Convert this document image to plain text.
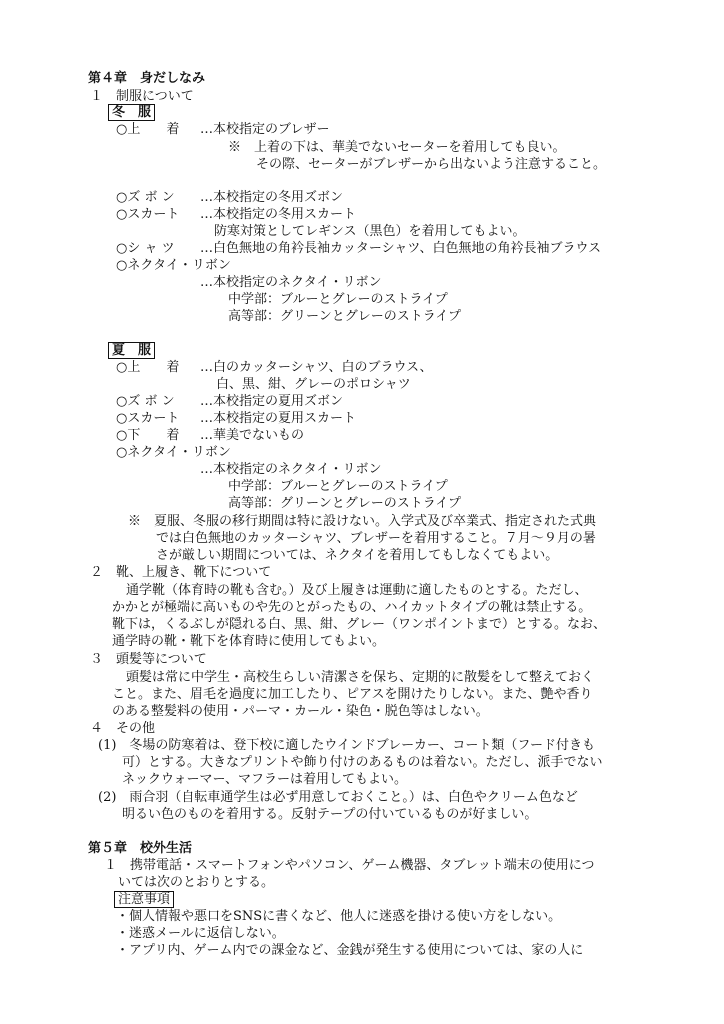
第４章　身だしなみ
１　制服について
冬　服
○上　　着 …本校指定のブレザー
※　上着の下は、華美でないセーターを着用しても良い。
その際、セーターがブレザーから出ないよう注意すること。
○ズ ボ ン …本校指定の冬用ズボン
○スカート …本校指定の冬用スカート
防寒対策としてレギンス（黒色）を着用してもよい。
○シ ャ ツ …白色無地の角衿長袖カッターシャツ、白色無地の角衿長袖ブラウス
○ネクタイ・リボン
…本校指定のネクタイ・リボン
中学部：ブルーとグレーのストライプ
高等部：グリーンとグレーのストライプ
夏　服
○上　　着 …白のカッターシャツ、白のブラウス、
白、黒、紺、グレーのポロシャツ
○ズ ボ ン …本校指定の夏用ズボン
○スカート …本校指定の夏用スカート
○下　　着 …華美でないもの
○ネクタイ・リボン
…本校指定のネクタイ・リボン
中学部：ブルーとグレーのストライプ
高等部：グリーンとグレーのストライプ
※　夏服、冬服の移行期間は特に設けない。入学式及び卒業式、指定された式典
では白色無地のカッターシャツ、ブレザーを着用すること。７月～９月の暑
さが厳しい期間については、ネクタイを着用してもしなくてもよい。
２　靴、上履き、靴下について
通学靴（体育時の靴も含む。）及び上履きは運動に適したものとする。ただし、
かかとが極端に高いものや先のとがったもの、ハイカットタイプの靴は禁止する。
靴下は，くるぶしが隠れる白、黒、紺、グレー（ワンポイントまで）とする。なお、
通学時の靴・靴下を体育時に使用してもよい。
３　頭髪等について
頭髪は常に中学生・高校生らしい清潔さを保ち、定期的に散髪をして整えておく
こと。また、眉毛を過度に加工したり、ピアスを開けたりしない。また、艶や香り
のある整髪料の使用・パーマ・カール・染色・脱色等はしない。
４　その他
(1)　冬場の防寒着は、登下校に適したウインドブレーカー、コート類（フード付きも
可）とする。大きなプリントや飾り付けのあるものは着ない。ただし、派手でない
ネックウォーマー、マフラーは着用してもよい。
(2)　雨合羽（自転車通学生は必ず用意しておくこと。）は、白色やクリーム色など
明るい色のものを着用する。反射テープの付いているものが好ましい。
第５章　校外生活
１　携帯電話・スマートフォンやパソコン、ゲーム機器、タブレット端末の使用につ
いては次のとおりとする。
注意事項
・個人情報や悪口をSNSに書くなど、他人に迷惑を掛ける使い方をしない。
・迷惑メールに返信しない。
・アプリ内、ゲーム内での課金など、金銭が発生する使用については、家の人に
